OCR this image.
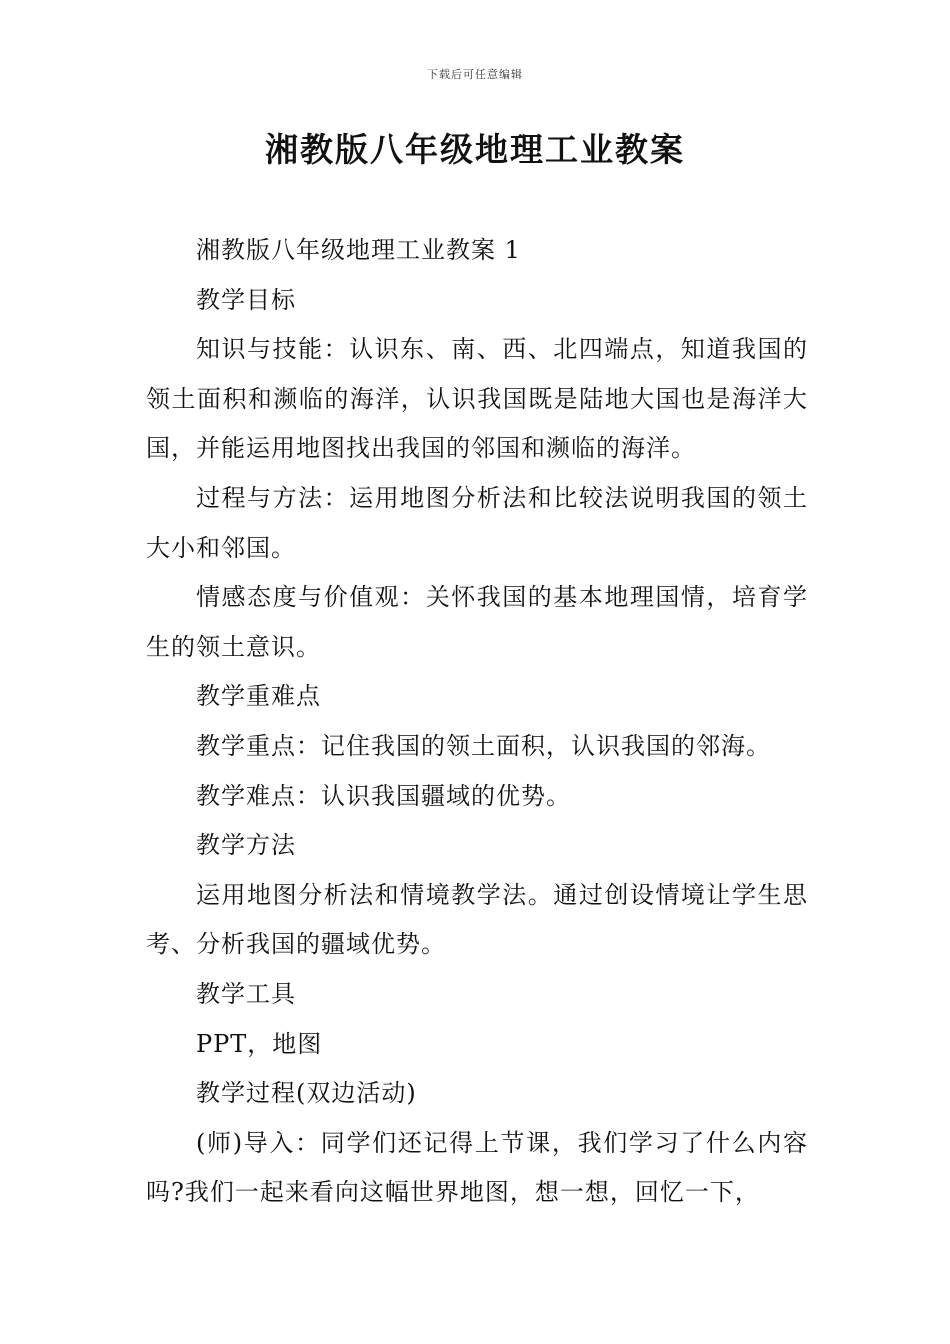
下载后可任意编辑
湘教版八年级地理工业教案

湘教版八年级地理工业教案 1

教学目标

知识与技能：认识东、南、西、北四端点，知道我国的领土面积和濒临的海洋，认识我国既是陆地大国也是海洋大国，并能运用地图找出我国的邻国和濒临的海洋。

过程与方法：运用地图分析法和比较法说明我国的领土大小和邻国。

情感态度与价值观：关怀我国的基本地理国情，培育学生的领土意识。

教学重难点

教学重点：记住我国的领土面积，认识我国的邻海。

教学难点：认识我国疆域的优势。

教学方法

运用地图分析法和情境教学法。通过创设情境让学生思考、分析我国的疆域优势。

教学工具

PPT，地图

教学过程(双边活动)

(师)导入：同学们还记得上节课，我们学习了什么内容吗?我们一起来看向这幅世界地图，想一想，回忆一下，
